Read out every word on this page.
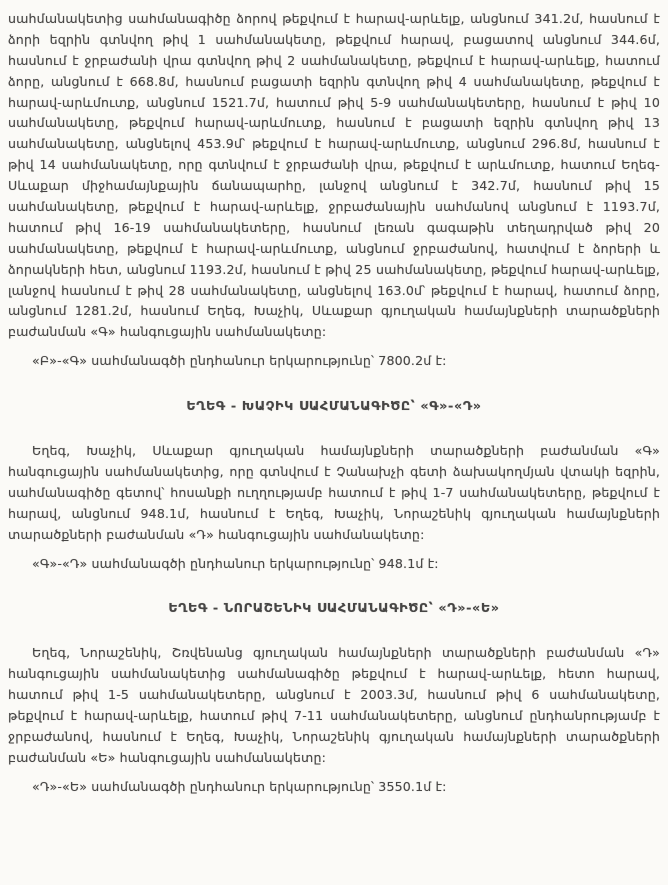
սահմանակետից սահմանագիծը ձորով թեքվում է հարավ-արևելք, անցնում 341.2մ, հասնում է ձորի եզրին գտնվող թիվ 1 սահմանակետը, թեքվում հարավ, բացատով անցնում 344.6մ, հասնում է ջրբաժանի վրա գտնվող թիվ 2 սահմանակետը, թեքվում է հարավ-արևելք, հատում ձորը, անցնում է 668.8մ, հասնում բացատի եզրին գտնվող թիվ 4 սահմանակետը, թեքվում է հարավ-արևմուտք, անցնում 1521.7մ, հատում թիվ 5-9 սահմանակետերը, հասնում է թիվ 10 սահմանակետը, թեքվում հարավ-արևմուտք, հասնում է բացատի եզրին գտնվող թիվ 13 սահմանակետը, անցնելով 453.9մ՝ թեքվում է հարավ-արևմուտք, անցնում 296.8մ, հասնում է թիվ 14 սահմանակետը, որը գտնվում է ջրբաժանի վրա, թեքվում է արևմուտք, հատում Եղեգ-Սևաքար միջհամայնքային ճանապարհը, լանջով անցնում է 342.7մ, հասնում թիվ 15 սահմանակետը, թեքվում է հարավ-արևելք, ջրբաժանային սահմանով անցնում է 1193.7մ, հատում թիվ 16-19 սահմանակետերը, հասնում լեռան գագաթին տեղադրված թիվ 20 սահմանակետը, թեքվում է հարավ-արևմուտք, անցնում ջրբաժանով, հատվում է ձորերի և ձորակների հետ, անցնում 1193.2մ, հասնում է թիվ 25 սահմանակետը, թեքվում հարավ-արևելք, լանջով հասնում է թիվ 28 սահմանակետը, անցնելով 163.0մ՝ թեքվում է հարավ, հատում ձորը, անցնում 1281.2մ, հասնում Եղեգ, Խաչիկ, Սևաքար գյուղական համայնքների տարածքների բաժանման «Գ» հանգուցային սահմանակետը:

«Բ»-«Գ» սահմանագծի ընդհանուր երկարությունը՝ 7800.2մ է:

ԵՂԵԳ - ԽԱՉԻԿ ՍԱՀՄԱՆԱԳԻԾԸ՝ «Գ»-«Դ»

Եղեգ, Խաչիկ, Սևաքար գյուղական համայնքների տարածքների բաժանման «Գ» հանգուցային սահմանակետից, որը գտնվում է Չանախչի գետի ձախակողմյան վտակի եզրին, սահմանագիծը գետով՝ հոսանքի ուղղությամբ հատում է թիվ 1-7 սահմանակետերը, թեքվում է հարավ, անցնում 948.1մ, հասնում է Եղեգ, Խաչիկ, Նորաշենիկ գյուղական համայնքների տարածքների բաժանման «Դ» հանգուցային սահմանակետը:

«Գ»-«Դ» սահմանագծի ընդհանուր երկարությունը՝ 948.1մ է:

ԵՂԵԳ - ՆՈՐԱՇԵՆԻԿ ՍԱՀՄԱՆԱԳԻԾԸ՝ «Դ»-«Ե»

Եղեգ, Նորաշենիկ, Շռվենանց գյուղական համայնքների տարածքների բաժանման «Դ» հանգուցային սահմանակետից սահմանագիծը թեքվում է հարավ-արևելք, հետո հարավ, հատում թիվ 1-5 սահմանակետերը, անցնում է 2003.3մ, հասնում թիվ 6 սահմանակետը, թեքվում է հարավ-արևելք, հատում թիվ 7-11 սահմանակետերը, անցնում ընդհանրությամբ է ջրբաժանով, հասնում է Եղեգ, Խաչիկ, Նորաշենիկ գյուղական համայնքների տարածքների բաժանման «Ե» հանգուցային սահմանակետը:

«Դ»-«Ե» սահմանագծի ընդհանուր երկարությունը՝ 3550.1մ է:
